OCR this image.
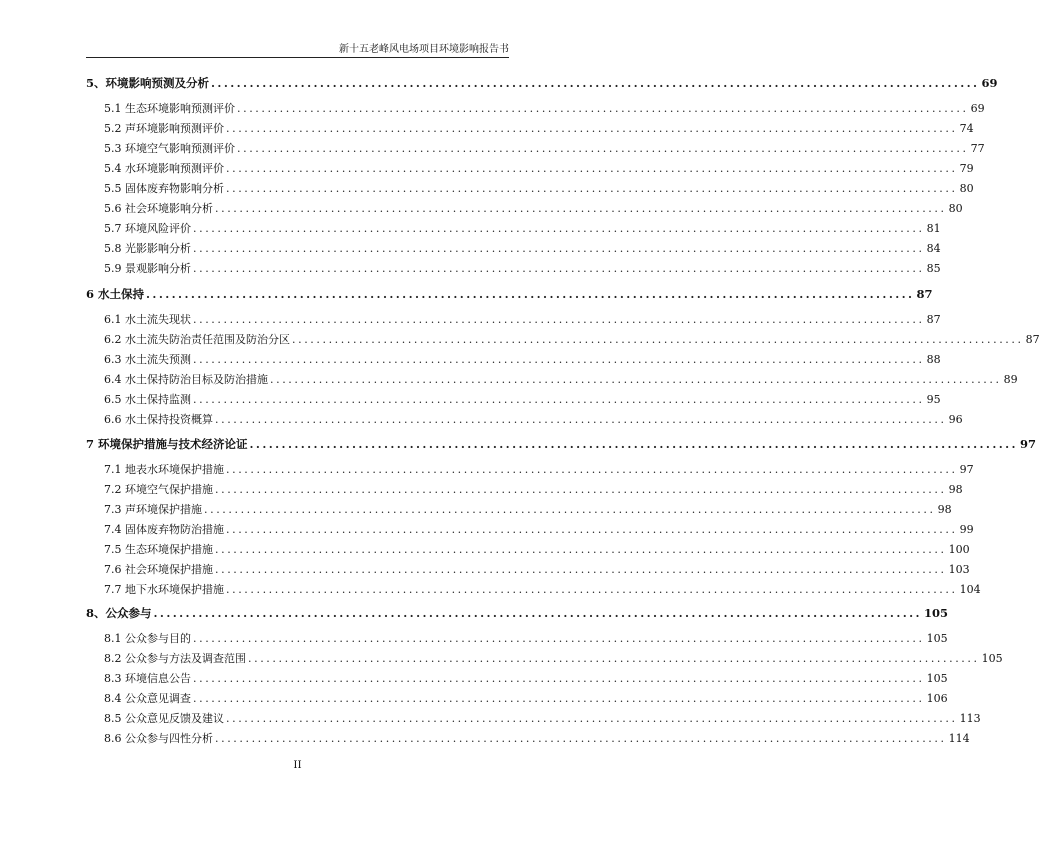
新十五老峰风电场项目环境影响报告书
5、环境影响预测及分析 ........................................................................................................................ 69
5.1 生态环境影响预测评价 ........................................................................................................................ 69
5.2 声环境影响预测评价 ........................................................................................................................ 74
5.3 环境空气影响预测评价 ........................................................................................................................ 77
5.4 水环境影响预测评价 ........................................................................................................................ 79
5.5 固体废弃物影响分析 ........................................................................................................................ 80
5.6 社会环境影响分析 ........................................................................................................................ 80
5.7 环境风险评价 ........................................................................................................................ 81
5.8 光影影响分析 ........................................................................................................................ 84
5.9 景观影响分析 ........................................................................................................................ 85
6 水土保持 ........................................................................................................................ 87
6.1 水土流失现状 ........................................................................................................................ 87
6.2 水土流失防治责任范围及防治分区 ........................................................................................................................ 87
6.3 水土流失预测 ........................................................................................................................ 88
6.4 水土保持防治目标及防治措施 ........................................................................................................................ 89
6.5 水土保持监测 ........................................................................................................................ 95
6.6 水土保持投资概算 ........................................................................................................................ 96
7 环境保护措施与技术经济论证 ........................................................................................................................ 97
7.1 地表水环境保护措施 ........................................................................................................................ 97
7.2 环境空气保护措施 ........................................................................................................................ 98
7.3 声环境保护措施 ........................................................................................................................ 98
7.4 固体废弃物防治措施 ........................................................................................................................ 99
7.5 生态环境保护措施 ........................................................................................................................ 100
7.6 社会环境保护措施 ........................................................................................................................ 103
7.7 地下水环境保护措施 ........................................................................................................................ 104
8、公众参与 ........................................................................................................................ 105
8.1 公众参与目的 ........................................................................................................................ 105
8.2 公众参与方法及调查范围 ........................................................................................................................ 105
8.3 环境信息公告 ........................................................................................................................ 105
8.4 公众意见调查 ........................................................................................................................ 106
8.5 公众意见反馈及建议 ........................................................................................................................ 113
8.6 公众参与四性分析 ........................................................................................................................ 114
II
